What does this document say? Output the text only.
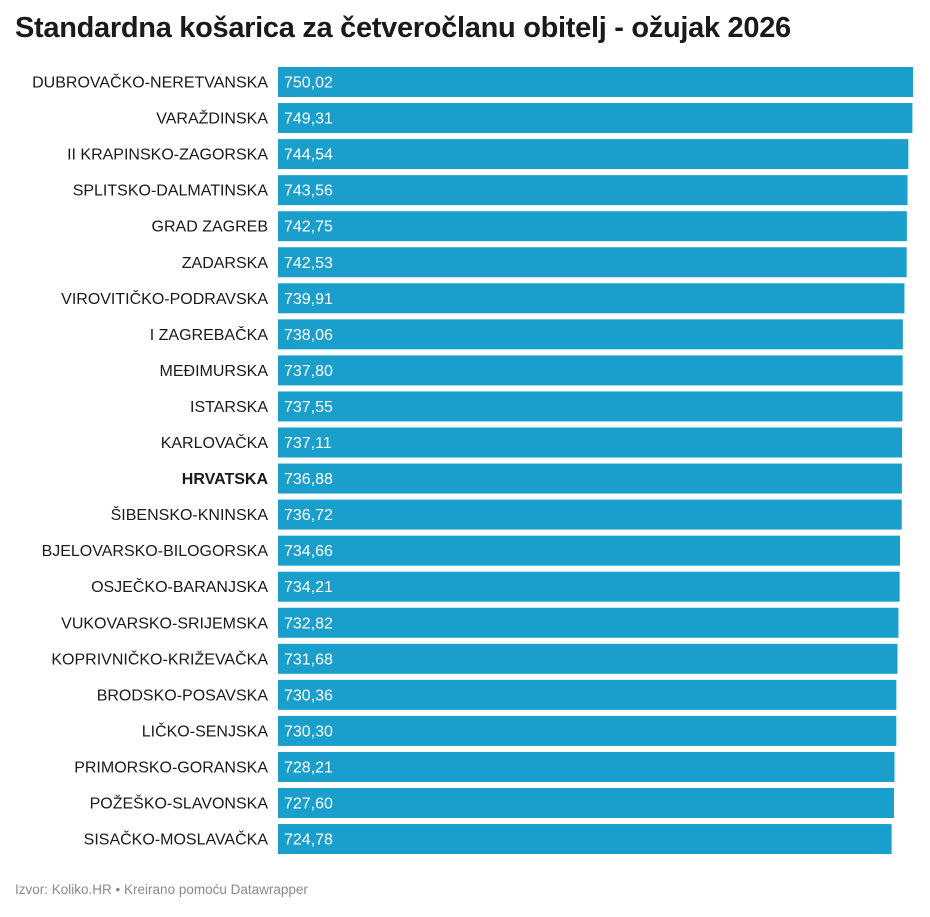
Standardna košarica za četveročlanu obitelj - ožujak 2026
DUBROVAČKO-NERETVANSKA 750,02
VARAŽDINSKA 749,31
II KRAPINSKO-ZAGORSKA 744,54
SPLITSKO-DALMATINSKA 743,56
GRAD ZAGREB 742,75
ZADARSKA 742,53
VIROVITIČKO-PODRAVSKA 739,91
I ZAGREBAČKA 738,06
MEĐIMURSKA 737,80
ISTARSKA 737,55
KARLOVAČKA 737,11
HRVATSKA 736,88
ŠIBENSKO-KNINSKA 736,72
BJELOVARSKO-BILOGORSKA 734,66
OSJEČKO-BARANJSKA 734,21
VUKOVARSKO-SRIJEMSKA 732,82
KOPRIVNIČKO-KRIŽEVAČKA 731,68
BRODSKO-POSAVSKA 730,36
LIČKO-SENJSKA 730,30
PRIMORSKO-GORANSKA 728,21
POŽEŠKO-SLAVONSKA 727,60
SISAČKO-MOSLAVAČKA 724,78
Izvor: Koliko.HR • Kreirano pomoću Datawrapper
